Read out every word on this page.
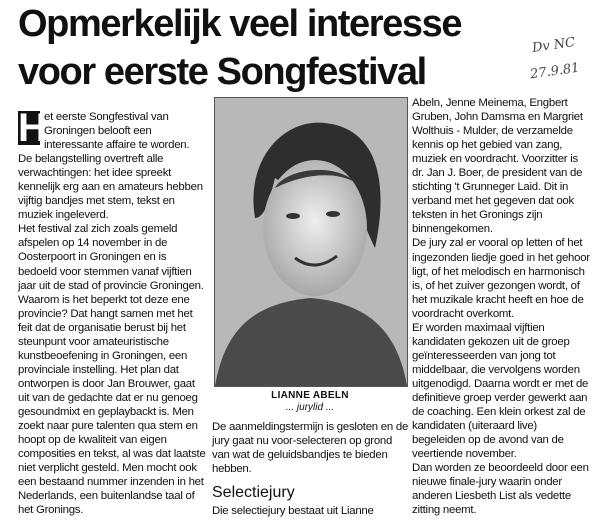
Opmerkelijk veel interesse
voor eerste Songfestival
Dv NC
27.9.81

H
et eerste Songfestival van Groningen belooft een interessante affaire te worden. De belangstelling overtreft alle verwachtingen: het idee spreekt kennelijk erg aan en amateurs hebben vijftig bandjes met stem, tekst en muziek ingeleverd.

Het festival zal zich zoals gemeld afspelen op 14 november in de Oosterpoort in Groningen en is bedoeld voor stemmen vanaf vijftien jaar uit de stad of provincie Groningen.

Waarom is het beperkt tot deze ene provincie? Dat hangt samen met het feit dat de organisatie berust bij het steunpunt voor amateuristische kunstbeoefening in Groningen, een provinciale instelling. Het plan dat ontworpen is door Jan Brouwer, gaat uit van de gedachte dat er nu genoeg gesoundmixt en geplaybackt is. Men zoekt naar pure talenten qua stem en hoopt op de kwaliteit van eigen composities en tekst, al was dat laatste niet verplicht gesteld. Men mocht ook een bestaand nummer inzenden in het Nederlands, een buitenlandse taal of het Gronings.

LIANNE ABELN
... jurylid ...

De aanmeldingstermijn is gesloten en de jury gaat nu voor-selecteren op grond van wat de geluidsbandjes te bieden hebben.

Selectiejury
Die selectiejury bestaat uit Lianne

Abeln, Jenne Meinema, Engbert Gruben, John Damsma en Margriet Wolthuis - Mulder, de verzamelde kennis op het gebied van zang, muziek en voordracht. Voorzitter is dr. Jan J. Boer, de president van de stichting 't Grunneger Laid. Dit in verband met het gegeven dat ook teksten in het Gronings zijn binnengekomen.

De jury zal er vooral op letten of het ingezonden liedje goed in het gehoor ligt, of het melodisch en harmonisch is, of het zuiver gezongen wordt, of het muzikale kracht heeft en hoe de voordracht overkomt.

Er worden maximaal vijftien kandidaten gekozen uit de groep geïnteresseerden van jong tot middelbaar, die vervolgens worden uitgenodigd. Daarna wordt er met de definitieve groep verder gewerkt aan de coaching. Een klein orkest zal de kandidaten (uiteraard live) begeleiden op de avond van de veertiende november.

Dan worden ze beoordeeld door een nieuwe finale-jury waarin onder anderen Liesbeth List als vedette zitting neemt.
